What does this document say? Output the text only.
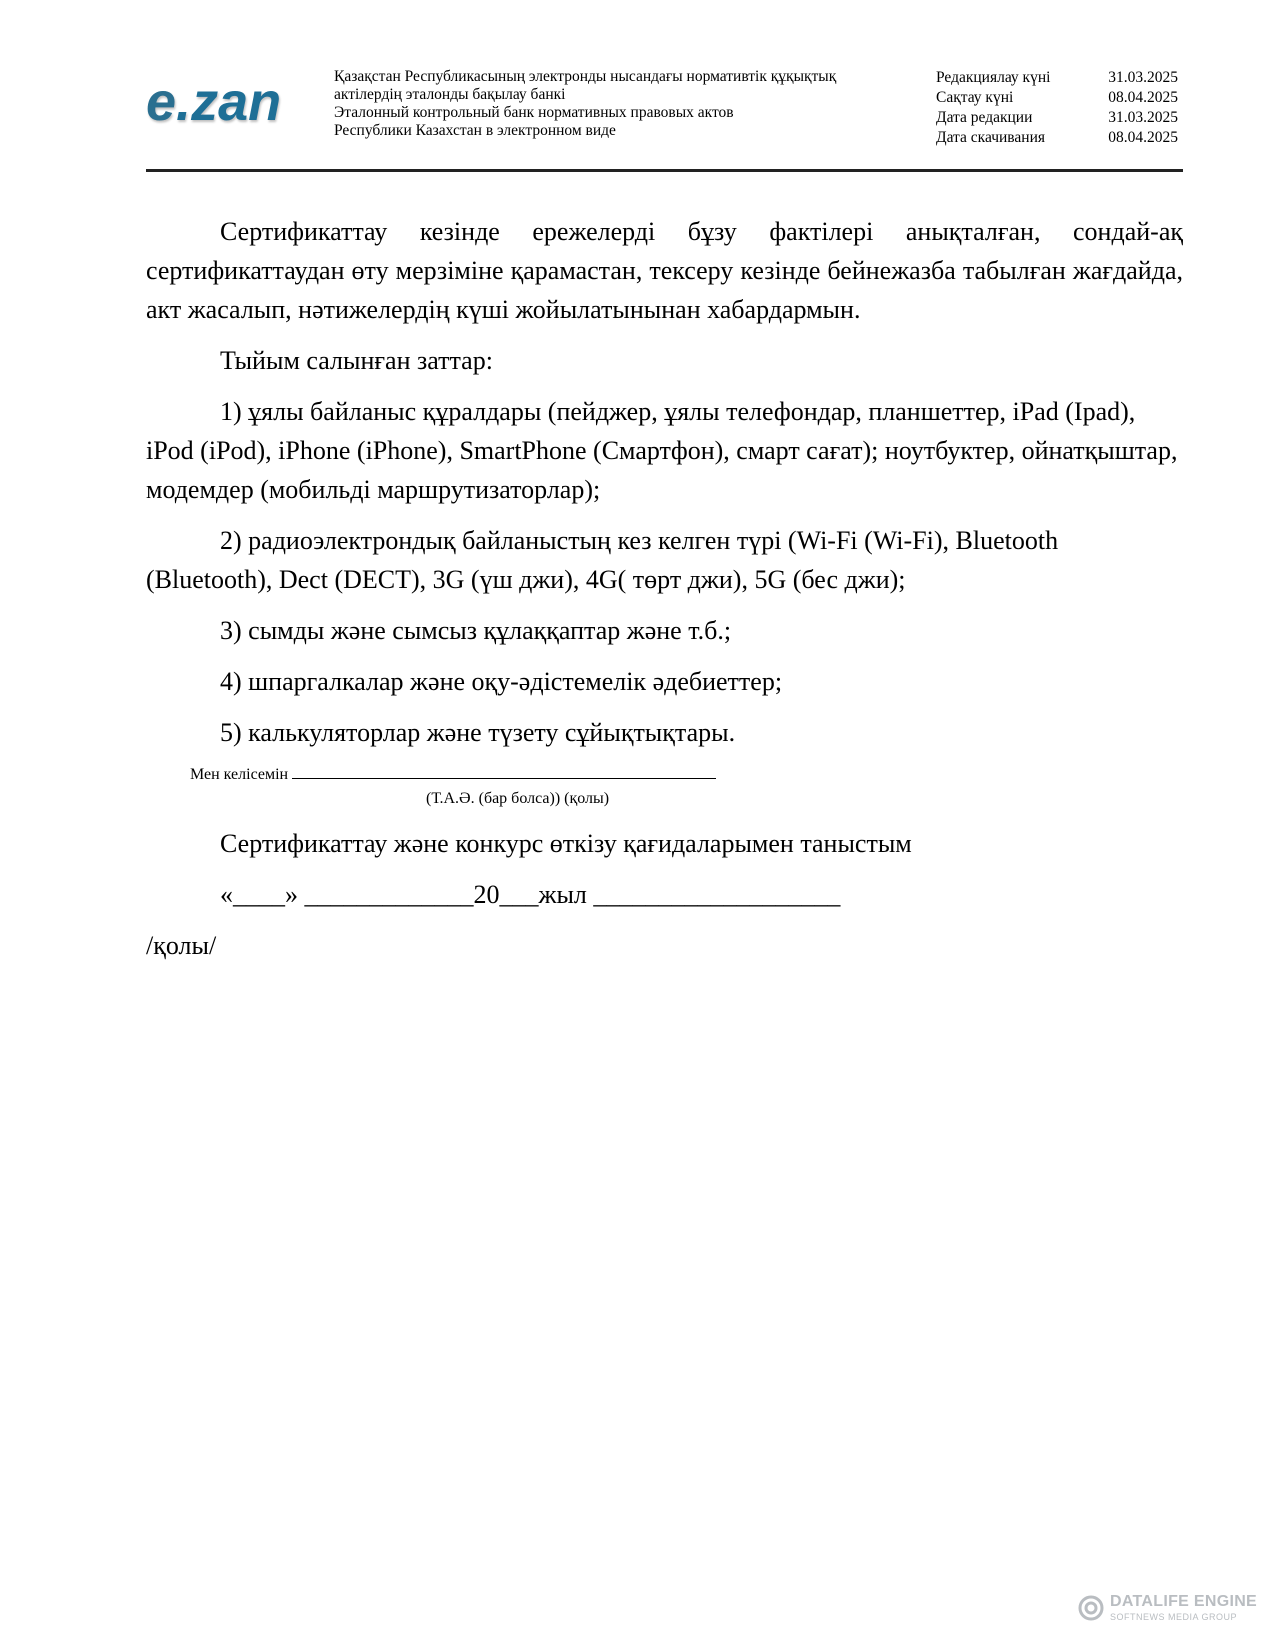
e.zan	Қазақстан Республикасының электронды нысандағы нормативтік құқықтық
актілердің эталонды бақылау банкі
Эталонный контрольный банк нормативных правовых актов
Республики Казахстан в электронном виде
Редакциялау күні	31.03.2025
Сақтау күні	08.04.2025
Дата редакции	31.03.2025
Дата скачивания	08.04.2025

Сертификаттау кезінде ережелерді бұзу фактілері анықталған, сондай-ақ сертификаттаудан өту мерзіміне қарамастан, тексеру кезінде бейнежазба табылған жағдайда, акт жасалып, нәтижелердің күші жойылатынынан хабардармын.

Тыйым салынған заттар:

1) ұялы байланыс құралдары (пейджер, ұялы телефондар, планшеттер, iPad (Ipad), iPod (iPod), iPhone (iPhone), SmartPhone (Смартфон), смарт сағат); ноутбуктер, ойнатқыштар, модемдер (мобильді маршрутизаторлар);

2) радиоэлектрондық байланыстың кез келген түрі (Wi-Fi (Wi-Fi), Bluetooth (Bluetooth), Dect (DECT), 3G (үш джи), 4G( төрт джи), 5G (бес джи);

3) сымды және сымсыз құлаққаптар және т.б.;

4) шпаргалкалар және оқу-әдістемелік әдебиеттер;

5) калькуляторлар және түзету сұйықтықтары.

Мен келісемін
(Т.А.Ә. (бар болса)) (қолы)

Сертификаттау және конкурс өткізу қағидаларымен таныстым

«____» _____________20___жыл ___________________

/қолы/

DATALIFE ENGINE
SOFTNEWS MEDIA GROUP
